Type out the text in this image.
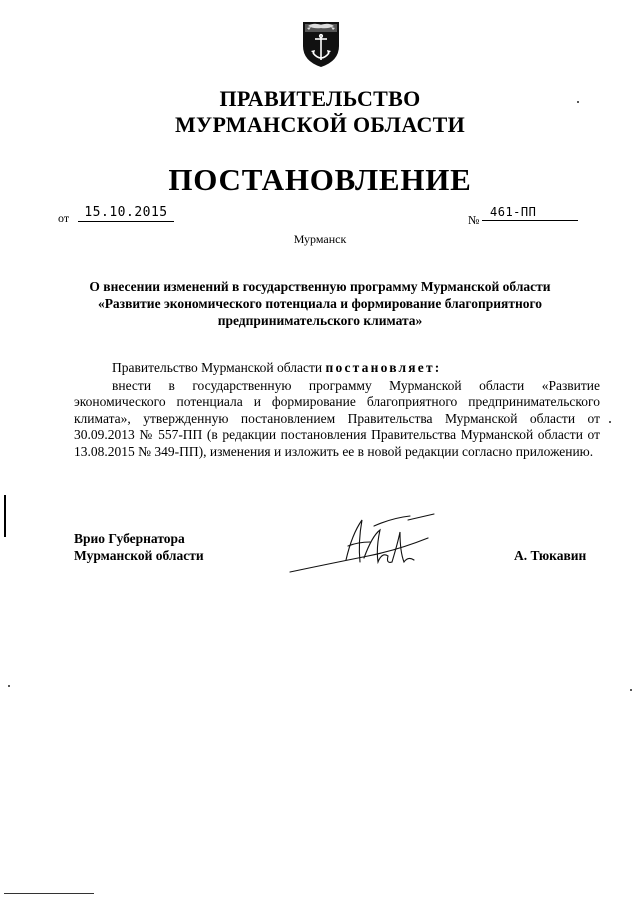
ПРАВИТЕЛЬСТВО
МУРМАНСКОЙ ОБЛАСТИ
ПОСТАНОВЛЕНИЕ
от	15.10.2015	№
461-ПП
Мурманск
О внесении изменений в государственную программу Мурманской области
«Развитие экономического потенциала и формирование благоприятного
предпринимательского климата»
Правительство Мурманской области постановляет:
внести в государственную программу Мурманской области «Развитие экономического потенциала и формирование благоприятного предпринимательского климата», утвержденную постановлением Правительства Мурманской области от 30.09.2013 № 557-ПП (в редакции постановления Правительства Мурманской области от 13.08.2015 № 349-ПП), изменения и изложить ее в новой редакции согласно приложению.
Врио Губернатора
Мурманской области	А. Тюкавин
